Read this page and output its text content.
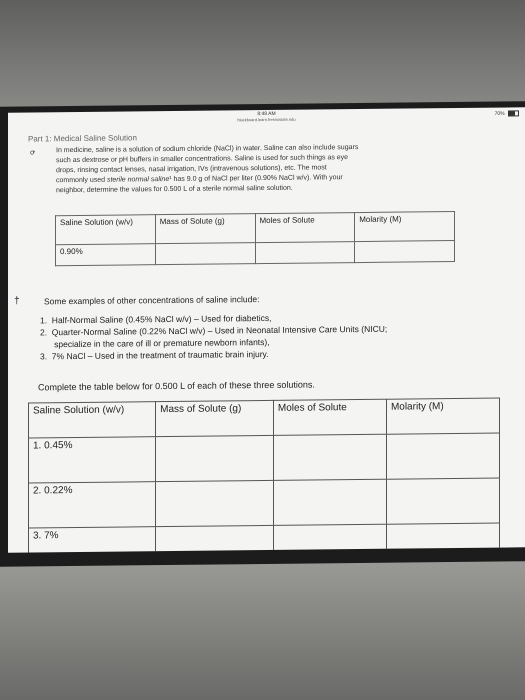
8:48 AM
blackboard.learn.fresnostate.edu
70%
Part 1: Medical Saline Solution
ꝍ	In medicine, saline is a solution of sodium chloride (NaCl) in water. Saline can also include sugars
such as dextrose or pH buffers in smaller concentrations. Saline is used for such things as eye
drops, rinsing contact lenses, nasal irrigation, IVs (intravenous solutions), etc. The most
commonly used sterile normal saline¹ has 9.0 g of NaCl per liter (0.90% NaCl w/v). With your
neighbor, determine the values for 0.500 L of a sterile normal saline solution.
Saline Solution (w/v)	Mass of Solute (g)	Moles of Solute	Molarity (M)
0.90%			
†	Some examples of other concentrations of saline include:
1.  Half-Normal Saline (0.45% NaCl w/v) – Used for diabetics,
2.  Quarter-Normal Saline (0.22% NaCl w/v) – Used in Neonatal Intensive Care Units (NICU;
specialize in the care of ill or premature newborn infants),
3.  7% NaCl – Used in the treatment of traumatic brain injury.
Complete the table below for 0.500 L of each of these three solutions.
Saline Solution (w/v)	Mass of Solute (g)	Moles of Solute	Molarity (M)
1. 0.45%			
2. 0.22%			
3. 7%			
